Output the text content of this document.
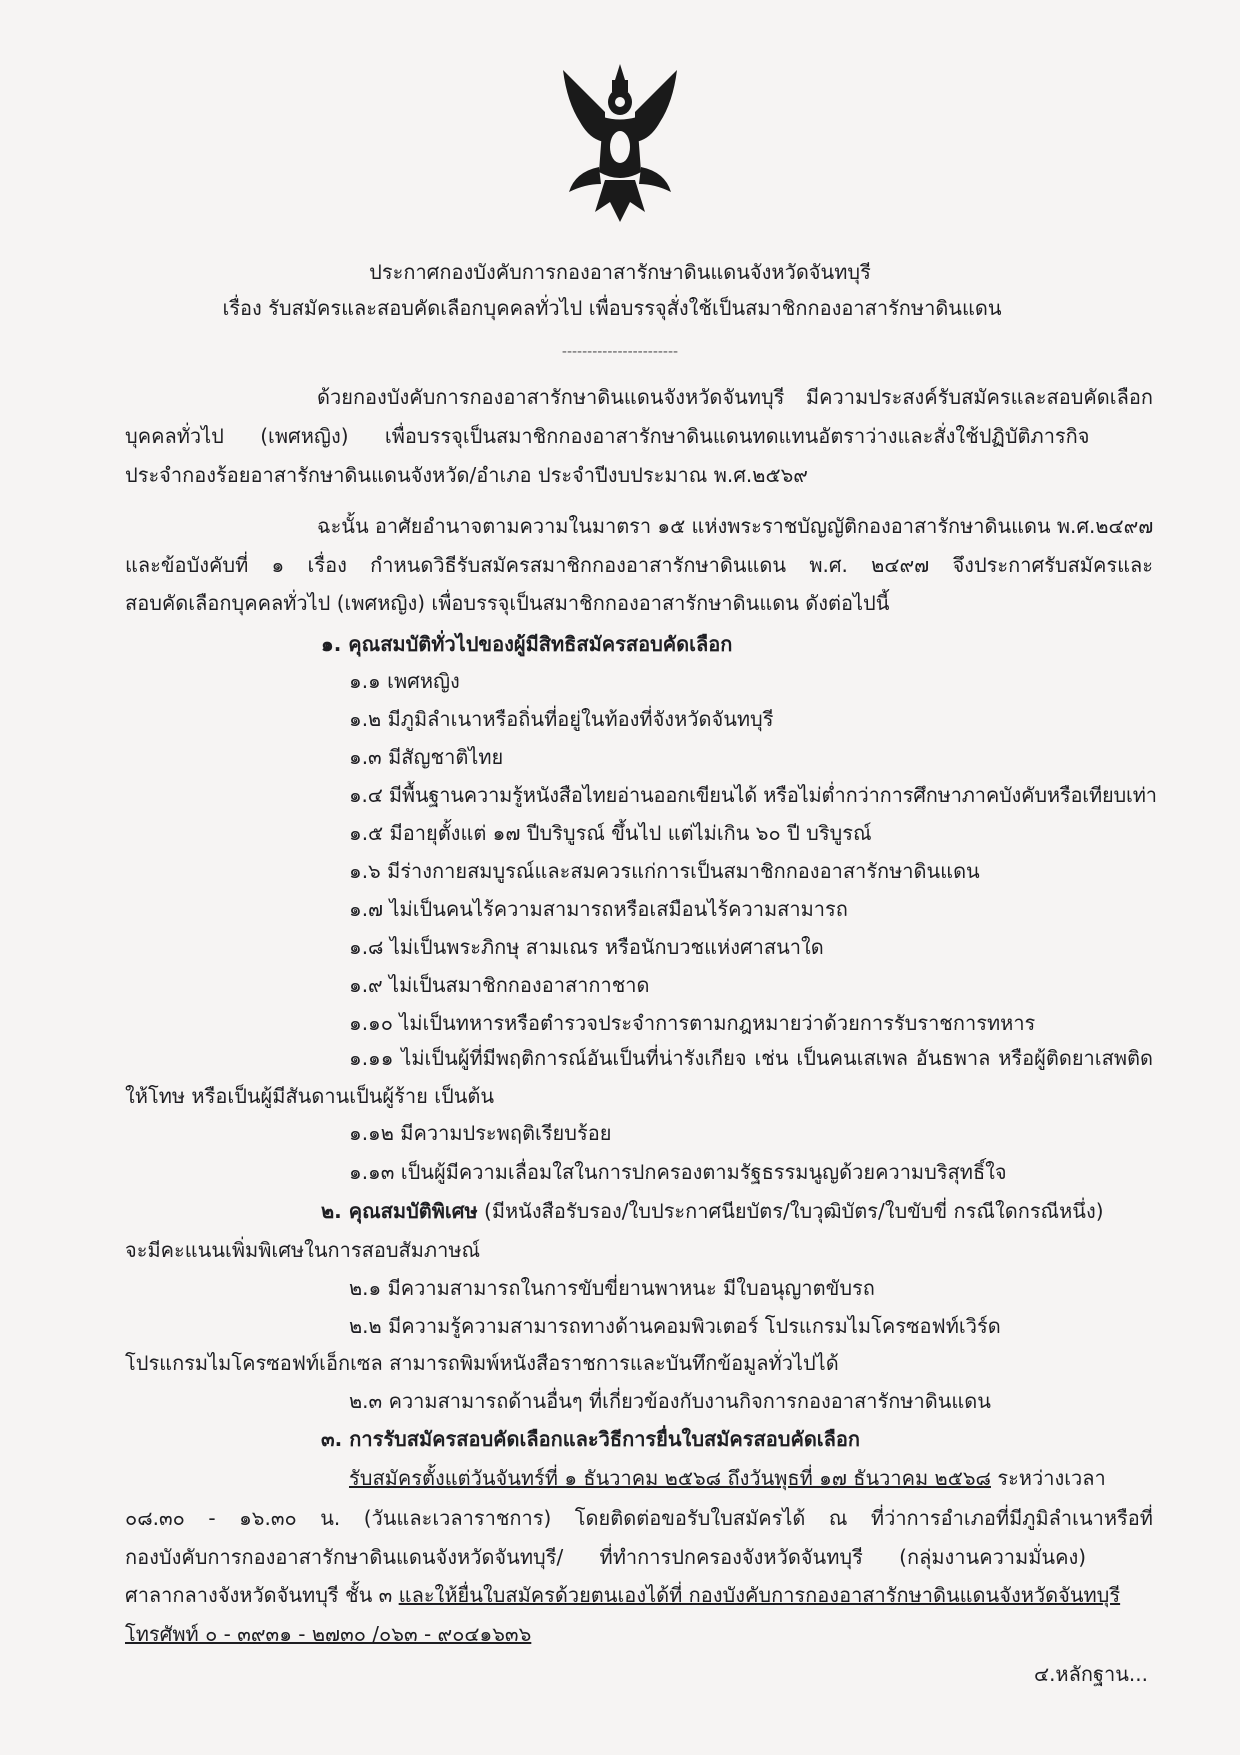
ประกาศกองบังคับการกองอาสารักษาดินแดนจังหวัดจันทบุรี
เรื่อง รับสมัครและสอบคัดเลือกบุคคลทั่วไป เพื่อบรรจุสั่งใช้เป็นสมาชิกกองอาสารักษาดินแดน
-----------------------
ด้วยกองบังคับการกองอาสารักษาดินแดนจังหวัดจันทบุรี มีความประสงค์รับสมัครและสอบคัดเลือก
บุคคลทั่วไป (เพศหญิง) เพื่อบรรจุเป็นสมาชิกกองอาสารักษาดินแดนทดแทนอัตราว่างและสั่งใช้ปฏิบัติภารกิจ
ประจำกองร้อยอาสารักษาดินแดนจังหวัด/อำเภอ ประจำปีงบประมาณ พ.ศ.๒๕๖๙
ฉะนั้น อาศัยอำนาจตามความในมาตรา ๑๕ แห่งพระราชบัญญัติกองอาสารักษาดินแดน พ.ศ.๒๔๙๗
และข้อบังคับที่ ๑ เรื่อง กำหนดวิธีรับสมัครสมาชิกกองอาสารักษาดินแดน พ.ศ. ๒๔๙๗ จึงประกาศรับสมัครและ
สอบคัดเลือกบุคคลทั่วไป (เพศหญิง) เพื่อบรรจุเป็นสมาชิกกองอาสารักษาดินแดน ดังต่อไปนี้
๑. คุณสมบัติทั่วไปของผู้มีสิทธิสมัครสอบคัดเลือก
๑.๑ เพศหญิง
๑.๒ มีภูมิลำเนาหรือถิ่นที่อยู่ในท้องที่จังหวัดจันทบุรี
๑.๓ มีสัญชาติไทย
๑.๔ มีพื้นฐานความรู้หนังสือไทยอ่านออกเขียนได้ หรือไม่ต่ำกว่าการศึกษาภาคบังคับหรือเทียบเท่า
๑.๕ มีอายุตั้งแต่ ๑๗ ปีบริบูรณ์ ขึ้นไป แต่ไม่เกิน ๖๐ ปี บริบูรณ์
๑.๖ มีร่างกายสมบูรณ์และสมควรแก่การเป็นสมาชิกกองอาสารักษาดินแดน
๑.๗ ไม่เป็นคนไร้ความสามารถหรือเสมือนไร้ความสามารถ
๑.๘ ไม่เป็นพระภิกษุ สามเณร หรือนักบวชแห่งศาสนาใด
๑.๙ ไม่เป็นสมาชิกกองอาสากาชาด
๑.๑๐ ไม่เป็นทหารหรือตำรวจประจำการตามกฎหมายว่าด้วยการรับราชการทหาร
๑.๑๑ ไม่เป็นผู้ที่มีพฤติการณ์อันเป็นที่น่ารังเกียจ เช่น เป็นคนเสเพล อันธพาล หรือผู้ติดยาเสพติด
ให้โทษ หรือเป็นผู้มีสันดานเป็นผู้ร้าย เป็นต้น
๑.๑๒ มีความประพฤติเรียบร้อย
๑.๑๓ เป็นผู้มีความเลื่อมใสในการปกครองตามรัฐธรรมนูญด้วยความบริสุทธิ์ใจ
๒. คุณสมบัติพิเศษ (มีหนังสือรับรอง/ใบประกาศนียบัตร/ใบวุฒิบัตร/ใบขับขี่ กรณีใดกรณีหนึ่ง)
จะมีคะแนนเพิ่มพิเศษในการสอบสัมภาษณ์
๒.๑ มีความสามารถในการขับขี่ยานพาหนะ มีใบอนุญาตขับรถ
๒.๒ มีความรู้ความสามารถทางด้านคอมพิวเตอร์ โปรแกรมไมโครซอฟท์เวิร์ด
โปรแกรมไมโครซอฟท์เอ็กเซล สามารถพิมพ์หนังสือราชการและบันทึกข้อมูลทั่วไปได้
๒.๓ ความสามารถด้านอื่นๆ ที่เกี่ยวข้องกับงานกิจการกองอาสารักษาดินแดน
๓. การรับสมัครสอบคัดเลือกและวิธีการยื่นใบสมัครสอบคัดเลือก
รับสมัครตั้งแต่วันจันทร์ที่ ๑ ธันวาคม ๒๕๖๘ ถึงวันพุธที่ ๑๗ ธันวาคม ๒๕๖๘ ระหว่างเวลา
๐๘.๓๐ - ๑๖.๓๐ น. (วันและเวลาราชการ) โดยติดต่อขอรับใบสมัครได้ ณ ที่ว่าการอำเภอที่มีภูมิลำเนาหรือที่
กองบังคับการกองอาสารักษาดินแดนจังหวัดจันทบุรี/ ที่ทำการปกครองจังหวัดจันทบุรี (กลุ่มงานความมั่นคง)
ศาลากลางจังหวัดจันทบุรี ชั้น ๓ และให้ยื่นใบสมัครด้วยตนเองได้ที่ กองบังคับการกองอาสารักษาดินแดนจังหวัดจันทบุรี
โทรศัพท์ ๐ - ๓๙๓๑ - ๒๗๓๐ /๐๖๓ - ๙๐๔๑๖๓๖
๔.หลักฐาน...
